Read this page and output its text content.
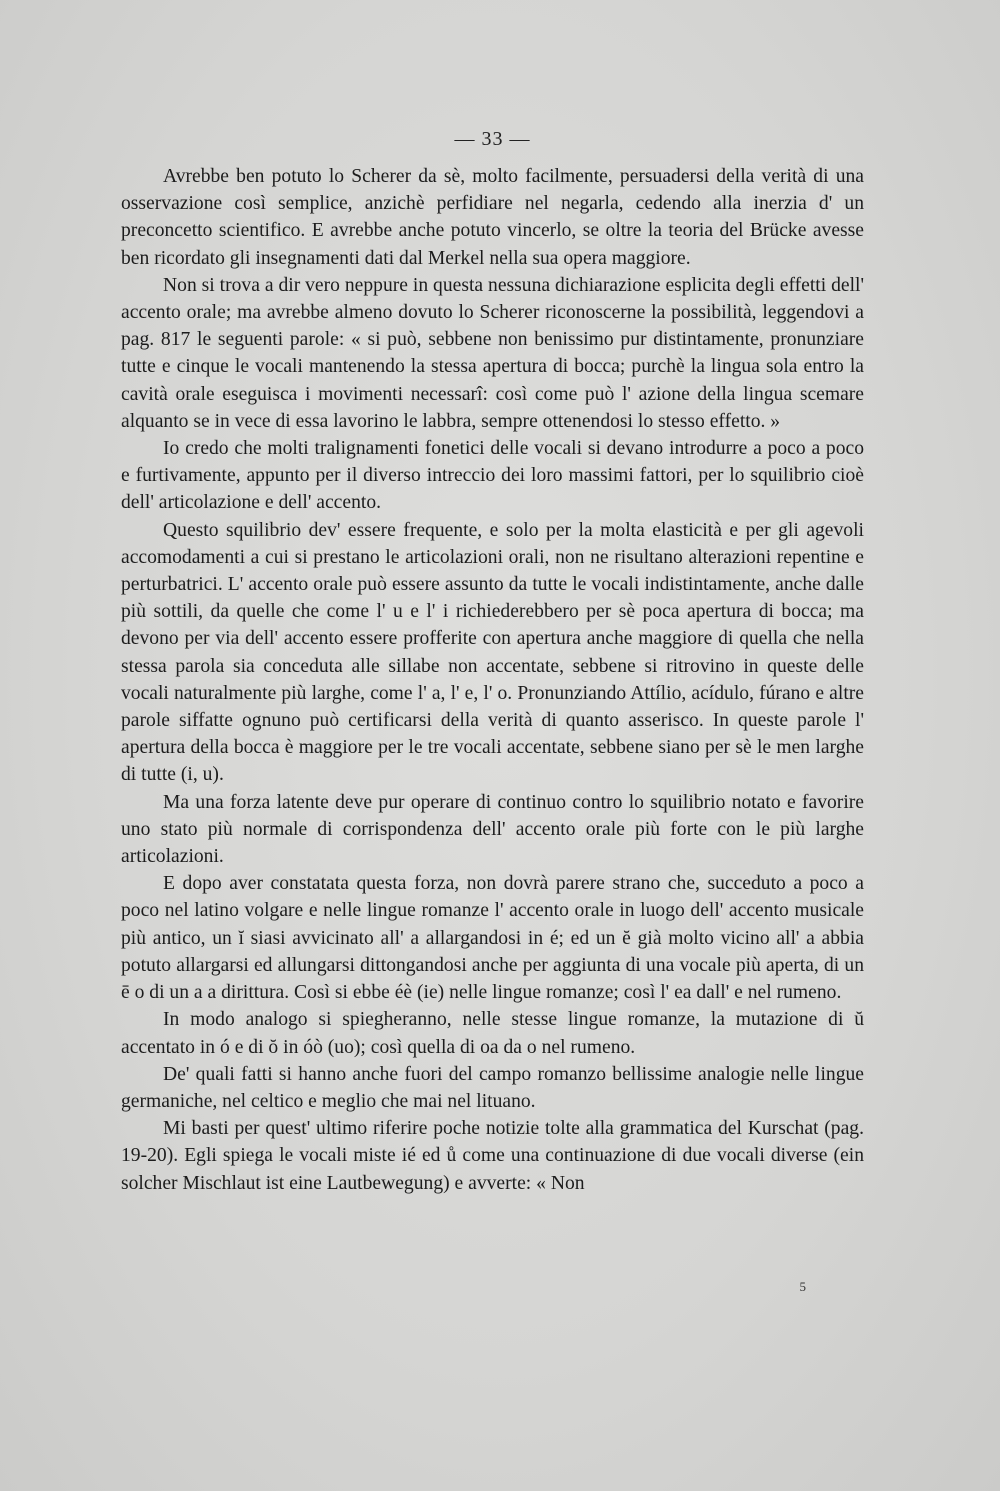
— 33 —

Avrebbe ben potuto lo Scherer da sè, molto facilmente, persuadersi della verità di una osservazione così semplice, anzichè perfidiare nel negarla, cedendo alla inerzia d' un preconcetto scientifico. E avrebbe anche potuto vincerlo, se oltre la teoria del Brücke avesse ben ricordato gli insegnamenti dati dal Merkel nella sua opera maggiore.

Non si trova a dir vero neppure in questa nessuna dichiarazione esplicita degli effetti dell' accento orale; ma avrebbe almeno dovuto lo Scherer riconoscerne la possibilità, leggendovi a pag. 817 le seguenti parole: « si può, sebbene non benissimo pur distintamente, pronunziare tutte e cinque le vocali mantenendo la stessa apertura di bocca; purchè la lingua sola entro la cavità orale eseguisca i movimenti necessarî: così come può l' azione della lingua scemare alquanto se in vece di essa lavorino le labbra, sempre ottenendosi lo stesso effetto. »

Io credo che molti tralignamenti fonetici delle vocali si devano introdurre a poco a poco e furtivamente, appunto per il diverso intreccio dei loro massimi fattori, per lo squilibrio cioè dell' articolazione e dell' accento.

Questo squilibrio dev' essere frequente, e solo per la molta elasticità e per gli agevoli accomodamenti a cui si prestano le articolazioni orali, non ne risultano alterazioni repentine e perturbatrici. L' accento orale può essere assunto da tutte le vocali indistintamente, anche dalle più sottili, da quelle che come l' u e l' i richiederebbero per sè poca apertura di bocca; ma devono per via dell' accento essere profferite con apertura anche maggiore di quella che nella stessa parola sia conceduta alle sillabe non accentate, sebbene si ritrovino in queste delle vocali naturalmente più larghe, come l' a, l' e, l' o. Pronunziando Attílio, acídulo, fúrano e altre parole siffatte ognuno può certificarsi della verità di quanto asserisco. In queste parole l' apertura della bocca è maggiore per le tre vocali accentate, sebbene siano per sè le men larghe di tutte (i, u).

Ma una forza latente deve pur operare di continuo contro lo squilibrio notato e favorire uno stato più normale di corrispondenza dell' accento orale più forte con le più larghe articolazioni.

E dopo aver constatata questa forza, non dovrà parere strano che, succeduto a poco a poco nel latino volgare e nelle lingue romanze l' accento orale in luogo dell' accento musicale più antico, un ĭ siasi avvicinato all' a allargandosi in é; ed un ĕ già molto vicino all' a abbia potuto allargarsi ed allungarsi dittongandosi anche per aggiunta di una vocale più aperta, di un ē o di un a a dirittura. Così si ebbe éè (ie) nelle lingue romanze; così l' ea dall' e nel rumeno.

In modo analogo si spiegheranno, nelle stesse lingue romanze, la mutazione di ŭ accentato in ó e di ŏ in óò (uo); così quella di oa da o nel rumeno.

De' quali fatti si hanno anche fuori del campo romanzo bellissime analogie nelle lingue germaniche, nel celtico e meglio che mai nel lituano.

Mi basti per quest' ultimo riferire poche notizie tolte alla grammatica del Kurschat (pag. 19-20). Egli spiega le vocali miste ié ed ů come una continuazione di due vocali diverse (ein solcher Mischlaut ist eine Lautbewegung) e avverte: « Non

5
